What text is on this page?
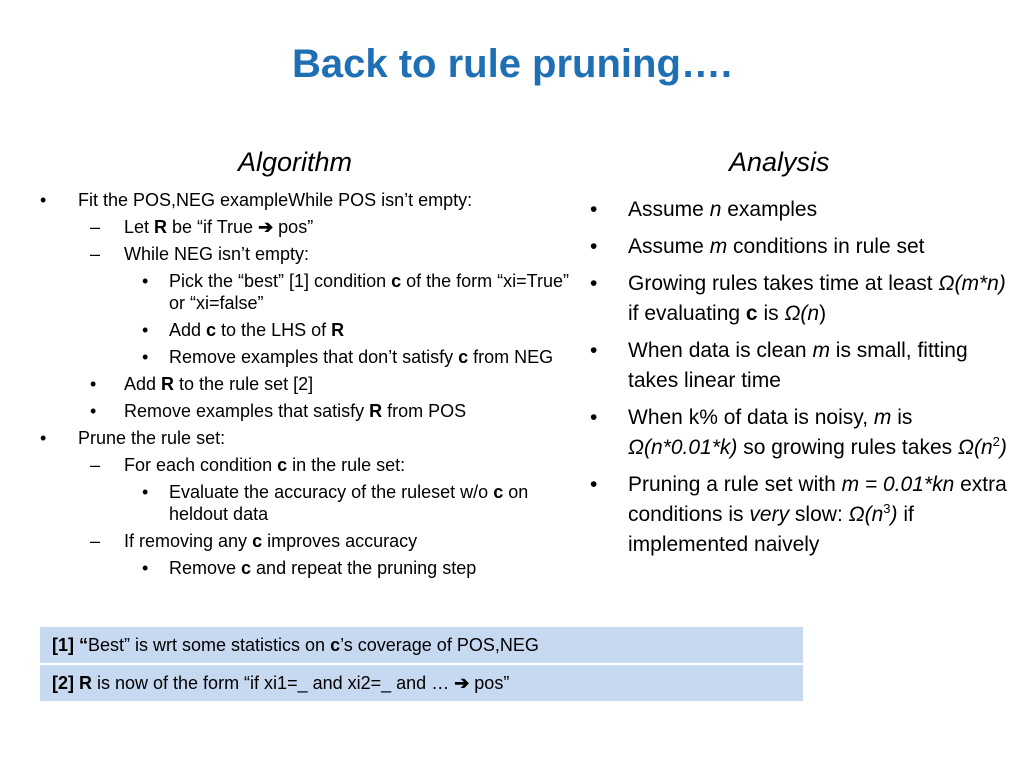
Back to rule pruning….
Algorithm	Analysis
• Fit the POS,NEG exampleWhile POS isn’t empty:
– Let R be “if True ➔ pos”
– While NEG isn’t empty:
• Pick the “best” [1] condition c of the form “xi=True” or “xi=false”
• Add c to the LHS of R
• Remove examples that don’t satisfy c from NEG
• Add R to the rule set [2]
• Remove examples that satisfy R from POS
• Prune the rule set:
– For each condition c in the rule set:
• Evaluate the accuracy of the ruleset w/o c on heldout data
– If removing any c improves accuracy
• Remove c and repeat the pruning step
• Assume n examples
• Assume m conditions in rule set
• Growing rules takes time at least Ω(m*n) if evaluating c is Ω(n)
• When data is clean m is small, fitting takes linear time
• When k% of data is noisy, m is Ω(n*0.01*k) so growing rules takes $\Omega(n^2)$
• Pruning a rule set with m = 0.01*kn extra conditions is very slow: $\Omega(n^3)$ if implemented naively
[1] “Best” is wrt some statistics on c’s coverage of POS,NEG
[2] R is now of the form “if xi1=_ and xi2=_ and … ➔ pos”
